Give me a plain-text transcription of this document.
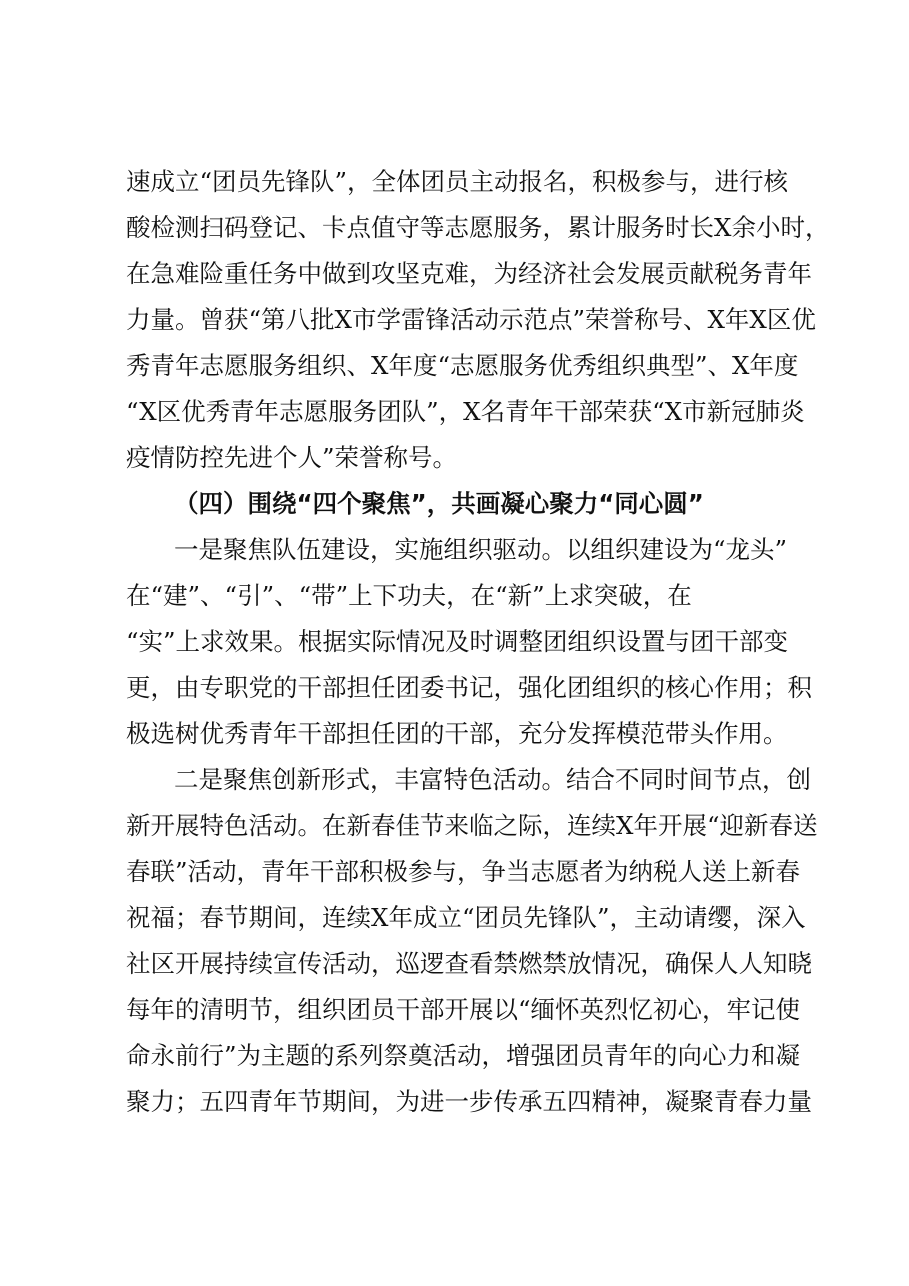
速成立“团员先锋队”，全体团员主动报名，积极参与，进行核
酸检测扫码登记、卡点值守等志愿服务，累计服务时长X余小时，
在急难险重任务中做到攻坚克难，为经济社会发展贡献税务青年
力量。曾获“第八批X市学雷锋活动示范点”荣誉称号、X年X区优
秀青年志愿服务组织、X年度“志愿服务优秀组织典型”、X年度
“X区优秀青年志愿服务团队”，X名青年干部荣获“X市新冠肺炎
疫情防控先进个人”荣誉称号。
（四）围绕“四个聚焦”，共画凝心聚力“同心圆”
一是聚焦队伍建设，实施组织驱动。以组织建设为“龙头”
在“建”、“引”、“带”上下功夫，在“新”上求突破，在
“实”上求效果。根据实际情况及时调整团组织设置与团干部变
更，由专职党的干部担任团委书记，强化团组织的核心作用；积
极选树优秀青年干部担任团的干部，充分发挥模范带头作用。
二是聚焦创新形式，丰富特色活动。结合不同时间节点，创
新开展特色活动。在新春佳节来临之际，连续X年开展“迎新春送
春联”活动，青年干部积极参与，争当志愿者为纳税人送上新春
祝福；春节期间，连续X年成立“团员先锋队”，主动请缨，深入
社区开展持续宣传活动，巡逻查看禁燃禁放情况，确保人人知晓
每年的清明节，组织团员干部开展以“缅怀英烈忆初心，牢记使
命永前行”为主题的系列祭奠活动，增强团员青年的向心力和凝
聚力；五四青年节期间，为进一步传承五四精神，凝聚青春力量
